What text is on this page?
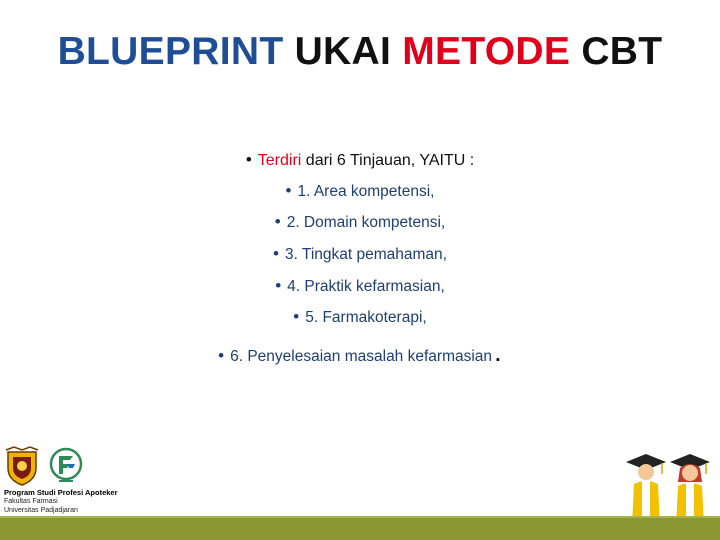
BLUEPRINT UKAI METODE CBT
• Terdiri dari 6 Tinjauan, YAITU :
• 1. Area kompetensi,
• 2. Domain kompetensi,
• 3. Tingkat pemahaman,
• 4. Praktik kefarmasian,
• 5. Farmakoterapi,
• 6. Penyelesaian masalah kefarmasian.
Program Studi Profesi Apoteker
Fakultas Farmasi
Universitas Padjadjaran
